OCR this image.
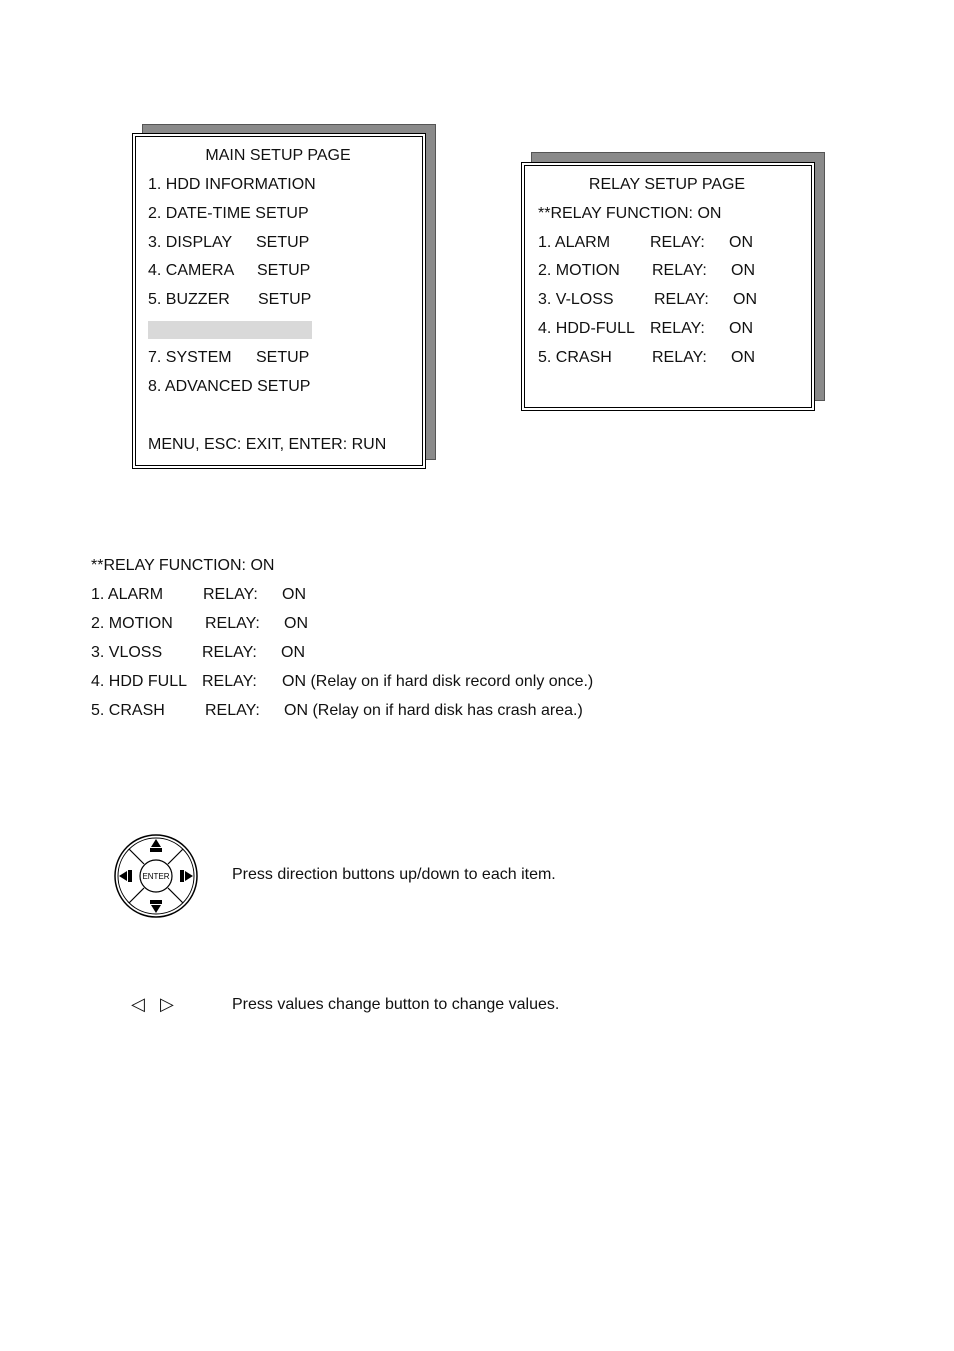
MAIN SETUP PAGE
1. HDD INFORMATION
2. DATE-TIME SETUP
3. DISPLAY SETUP
4. CAMERA SETUP
5. BUZZER SETUP
7. SYSTEM SETUP
8. ADVANCED SETUP
MENU, ESC: EXIT, ENTER: RUN
RELAY SETUP PAGE
**RELAY FUNCTION: ON
1. ALARM RELAY: ON
2. MOTION RELAY: ON
3. V-LOSS	RELAY: ON
4. HDD-FULL RELAY: ON
5. CRASH	RELAY: ON
**RELAY FUNCTION: ON
1. ALARM RELAY: ON
2. MOTION RELAY: ON
3. VLOSS RELAY: ON
4. HDD FULL RELAY: ON (Relay on if hard disk record only once.)
5. CRASH	RELAY: ON (Relay on if hard disk has crash area.)
ENTER	Press direction buttons up/down to each item.
◁ ▷	Press values change button to change values.
